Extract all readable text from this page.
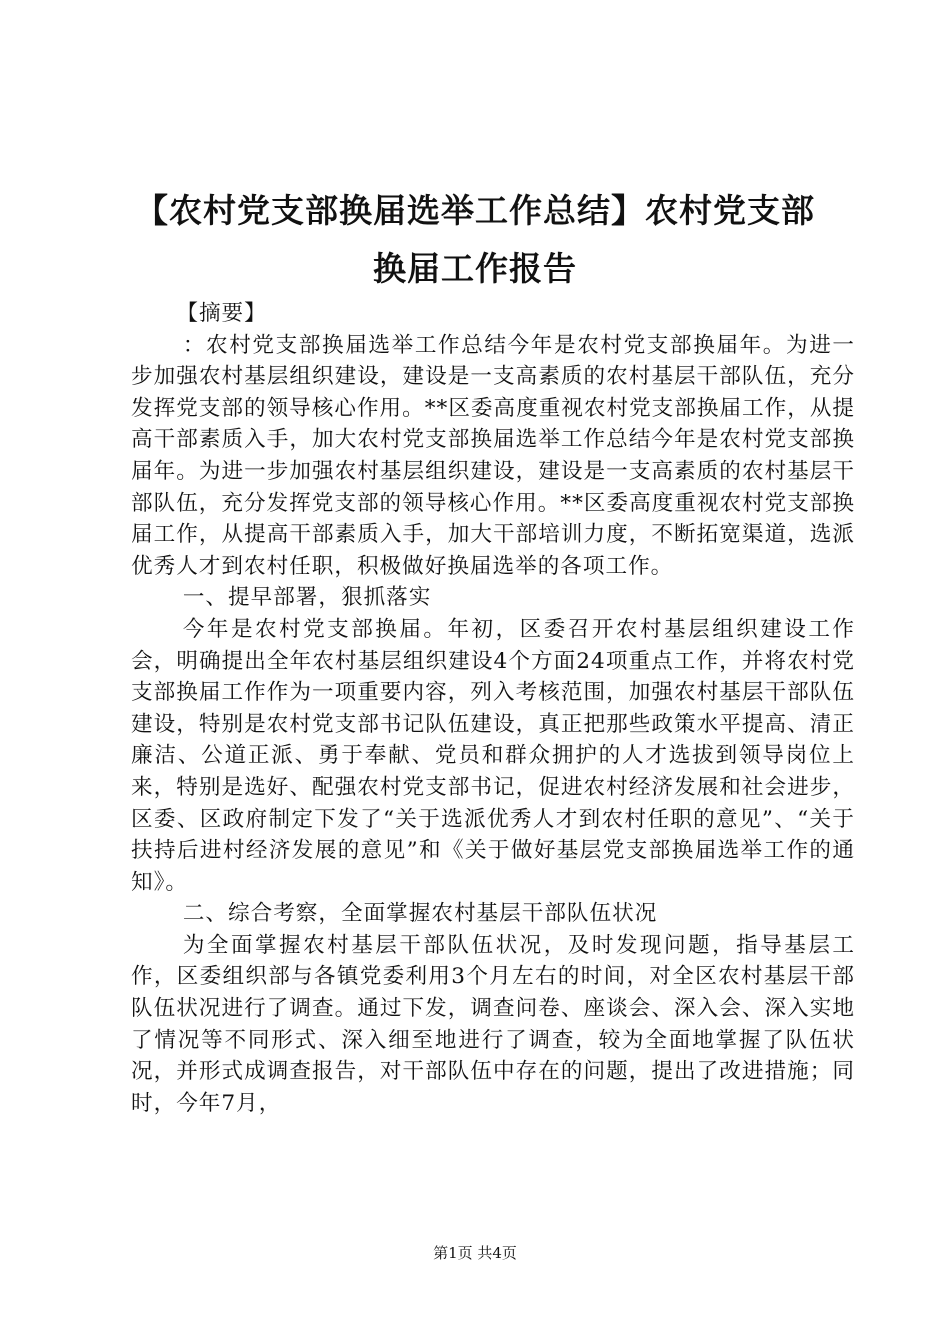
【农村党支部换届选举工作总结】农村党支部
换届工作报告

【摘要】

：农村党支部换届选举工作总结今年是农村党支部换届年。为进一步加强农村基层组织建设，建设是一支高素质的农村基层干部队伍，充分发挥党支部的领导核心作用。**区委高度重视农村党支部换届工作，从提高干部素质入手，加大农村党支部换届选举工作总结今年是农村党支部换届年。为进一步加强农村基层组织建设，建设是一支高素质的农村基层干部队伍，充分发挥党支部的领导核心作用。**区委高度重视农村党支部换届工作，从提高干部素质入手，加大干部培训力度，不断拓宽渠道，选派优秀人才到农村任职，积极做好换届选举的各项工作。

一、提早部署，狠抓落实

今年是农村党支部换届。年初，区委召开农村基层组织建设工作会，明确提出全年农村基层组织建设4个方面24项重点工作，并将农村党支部换届工作作为一项重要内容，列入考核范围，加强农村基层干部队伍建设，特别是农村党支部书记队伍建设，真正把那些政策水平提高、清正廉洁、公道正派、勇于奉献、党员和群众拥护的人才选拔到领导岗位上来，特别是选好、配强农村党支部书记，促进农村经济发展和社会进步，区委、区政府制定下发了“关于选派优秀人才到农村任职的意见”、“关于扶持后进村经济发展的意见”和《关于做好基层党支部换届选举工作的通知》。

二、综合考察，全面掌握农村基层干部队伍状况

为全面掌握农村基层干部队伍状况，及时发现问题，指导基层工作，区委组织部与各镇党委利用3个月左右的时间，对全区农村基层干部队伍状况进行了调查。通过下发，调查问卷、座谈会、深入会、深入实地了情况等不同形式、深入细至地进行了调查，较为全面地掌握了队伍状况，并形式成调查报告，对干部队伍中存在的问题，提出了改进措施；同时，今年7月，

第1页 共4页
